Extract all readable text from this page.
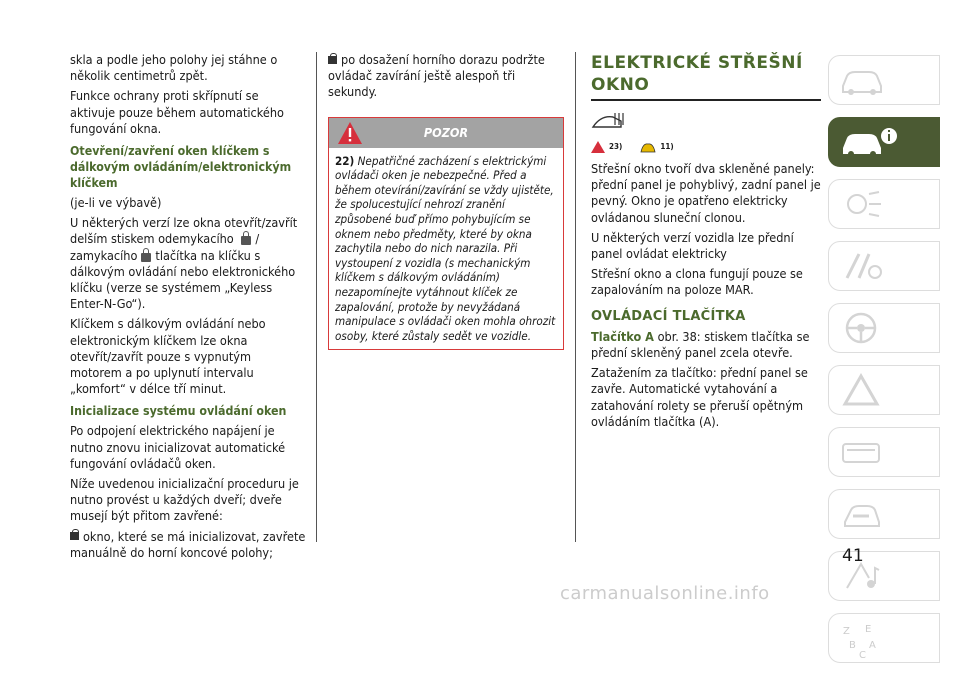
skla a podle jeho polohy jej stáhne o několik centimetrů zpět.

Funkce ochrany proti skřípnutí se aktivuje pouze během automatického fungování okna.

Otevření/zavření oken klíčkem s dálkovým ovládáním/elektronickým klíčkem

(je-li ve výbavě)

U některých verzí lze okna otevřít/zavřít delším stiskem odemykacího / zamykacího tlačítka na klíčku s dálkovým ovládání nebo elektronického klíčku (verze se systémem „Keyless Enter-N-Go“).

Klíčkem s dálkovým ovládání nebo elektronickým klíčkem lze okna otevřít/zavřít pouze s vypnutým motorem a po uplynutí intervalu „komfort“ v délce tří minut.

Inicializace systému ovládání oken

Po odpojení elektrického napájení je nutno znovu inicializovat automatické fungování ovládačů oken.

Níže uvedenou inicializační proceduru je nutno provést u každých dveří; dveře musejí být přitom zavřené:

okno, které se má inicializovat, zavřete manuálně do horní koncové polohy;

po dosažení horního dorazu podržte ovládač zavírání ještě alespoň tři sekundy.

POZOR
22) Nepatřičné zacházení s elektrickými ovládači oken je nebezpečné. Před a během otevírání/zavírání se vždy ujistěte, že spolucestující nehrozí zranění způsobené buď přímo pohybujícím se oknem nebo předměty, které by okna zachytila nebo do nich narazila. Při vystoupení z vozidla (s mechanickým klíčkem s dálkovým ovládáním) nezapomínejte vytáhnout klíček ze zapalování, protože by nevyžádaná manipulace s ovládači oken mohla ohrozit osoby, které zůstaly sedět ve vozidle.
ELEKTRICKÉ STŘEŠNÍ OKNO
23)	11)

Střešní okno tvoří dva skleněné panely: přední panel je pohyblivý, zadní panel je pevný. Okno je opatřeno elektricky ovládanou sluneční clonou.

U některých verzí vozidla lze přední panel ovládat elektricky

Střešní okno a clona fungují pouze se zapalováním na poloze MAR.

OVLÁDACÍ TLAČÍTKA

Tlačítko A obr. 38: stiskem tlačítka se přední skleněný panel zcela otevře.

Zatažením za tlačítko: přední panel se zavře. Automatické vytahování a zatahování rolety se přeruší opětným ovládáním tlačítka (A).

Z E
B A
C
41
carmanualsonline.info
